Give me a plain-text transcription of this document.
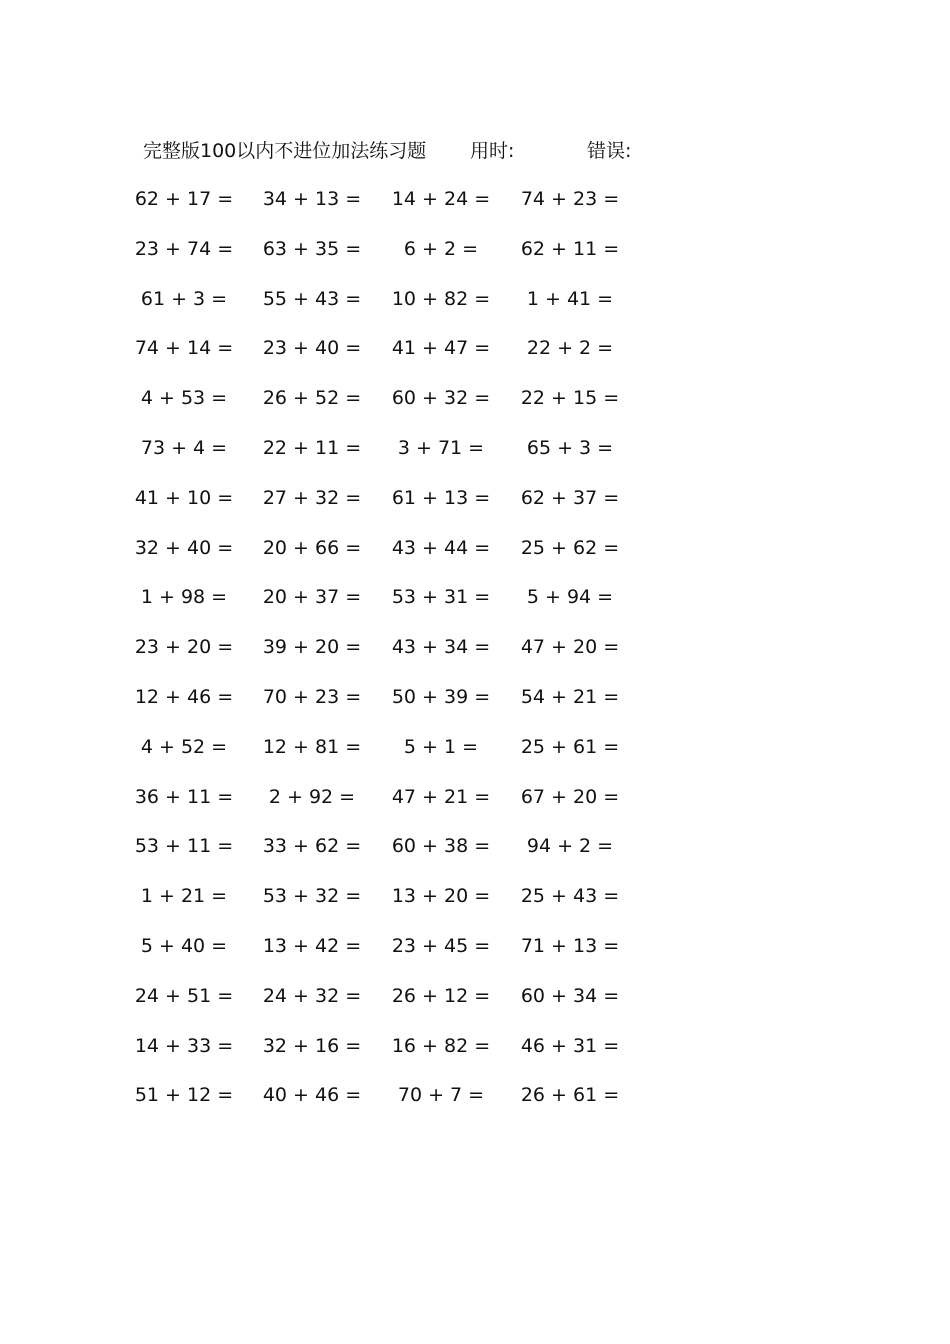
完整版100以内不进位加法练习题 用时:	错误:
62 + 17 =	34 + 13 =	14 + 24 =	74 + 23 =
23 + 74 =	63 + 35 =	6 + 2 =	62 + 11 =
61 + 3 =	55 + 43 =	10 + 82 =	1 + 41 =
74 + 14 =	23 + 40 =	41 + 47 =	22 + 2 =
4 + 53 =	26 + 52 =	60 + 32 =	22 + 15 =
73 + 4 =	22 + 11 =	3 + 71 =	65 + 3 =
41 + 10 =	27 + 32 =	61 + 13 =	62 + 37 =
32 + 40 =	20 + 66 =	43 + 44 =	25 + 62 =
1 + 98 =	20 + 37 =	53 + 31 =	5 + 94 =
23 + 20 =	39 + 20 =	43 + 34 =	47 + 20 =
12 + 46 =	70 + 23 =	50 + 39 =	54 + 21 =
4 + 52 =	12 + 81 =	5 + 1 =	25 + 61 =
36 + 11 =	2 + 92 =	47 + 21 =	67 + 20 =
53 + 11 =	33 + 62 =	60 + 38 =	94 + 2 =
1 + 21 =	53 + 32 =	13 + 20 =	25 + 43 =
5 + 40 =	13 + 42 =	23 + 45 =	71 + 13 =
24 + 51 =	24 + 32 =	26 + 12 =	60 + 34 =
14 + 33 =	32 + 16 =	16 + 82 =	46 + 31 =
51 + 12 =	40 + 46 =	70 + 7 =	26 + 61 =
